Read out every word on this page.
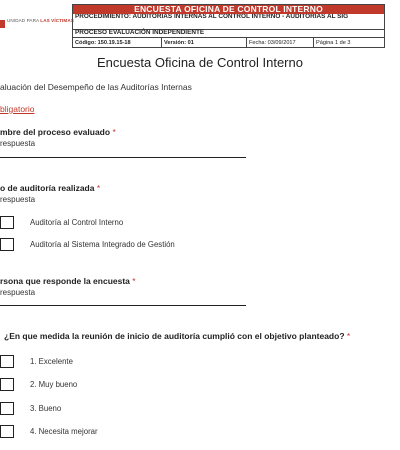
UNIDAD PARA LAS VÍCTIMAS
ENCUESTA OFICINA DE CONTROL INTERNO
PROCEDIMIENTO: AUDITORIAS INTERNAS AL CONTROL INTERNO - AUDITORIAS AL SIG
PROCESO EVALUACIÓN INDEPENDIENTE
Código: 150.19.15-18	Versión: 01	Fecha: 03/09/2017	Página 1 de 3
Encuesta Oficina de Control Interno
aluación del Desempeño de las Auditorías Internas
bligatorio
mbre del proceso evaluado *
respuesta
o de auditoría realizada *
respuesta
Auditoría al Control Interno
Auditoría al Sistema Integrado de Gestión
rsona que responde la encuesta *
respuesta
¿En que medida la reunión de inicio de auditoría cumplió con el objetivo planteado? *
1. Excelente
2. Muy bueno
3. Bueno
4. Necesita mejorar
